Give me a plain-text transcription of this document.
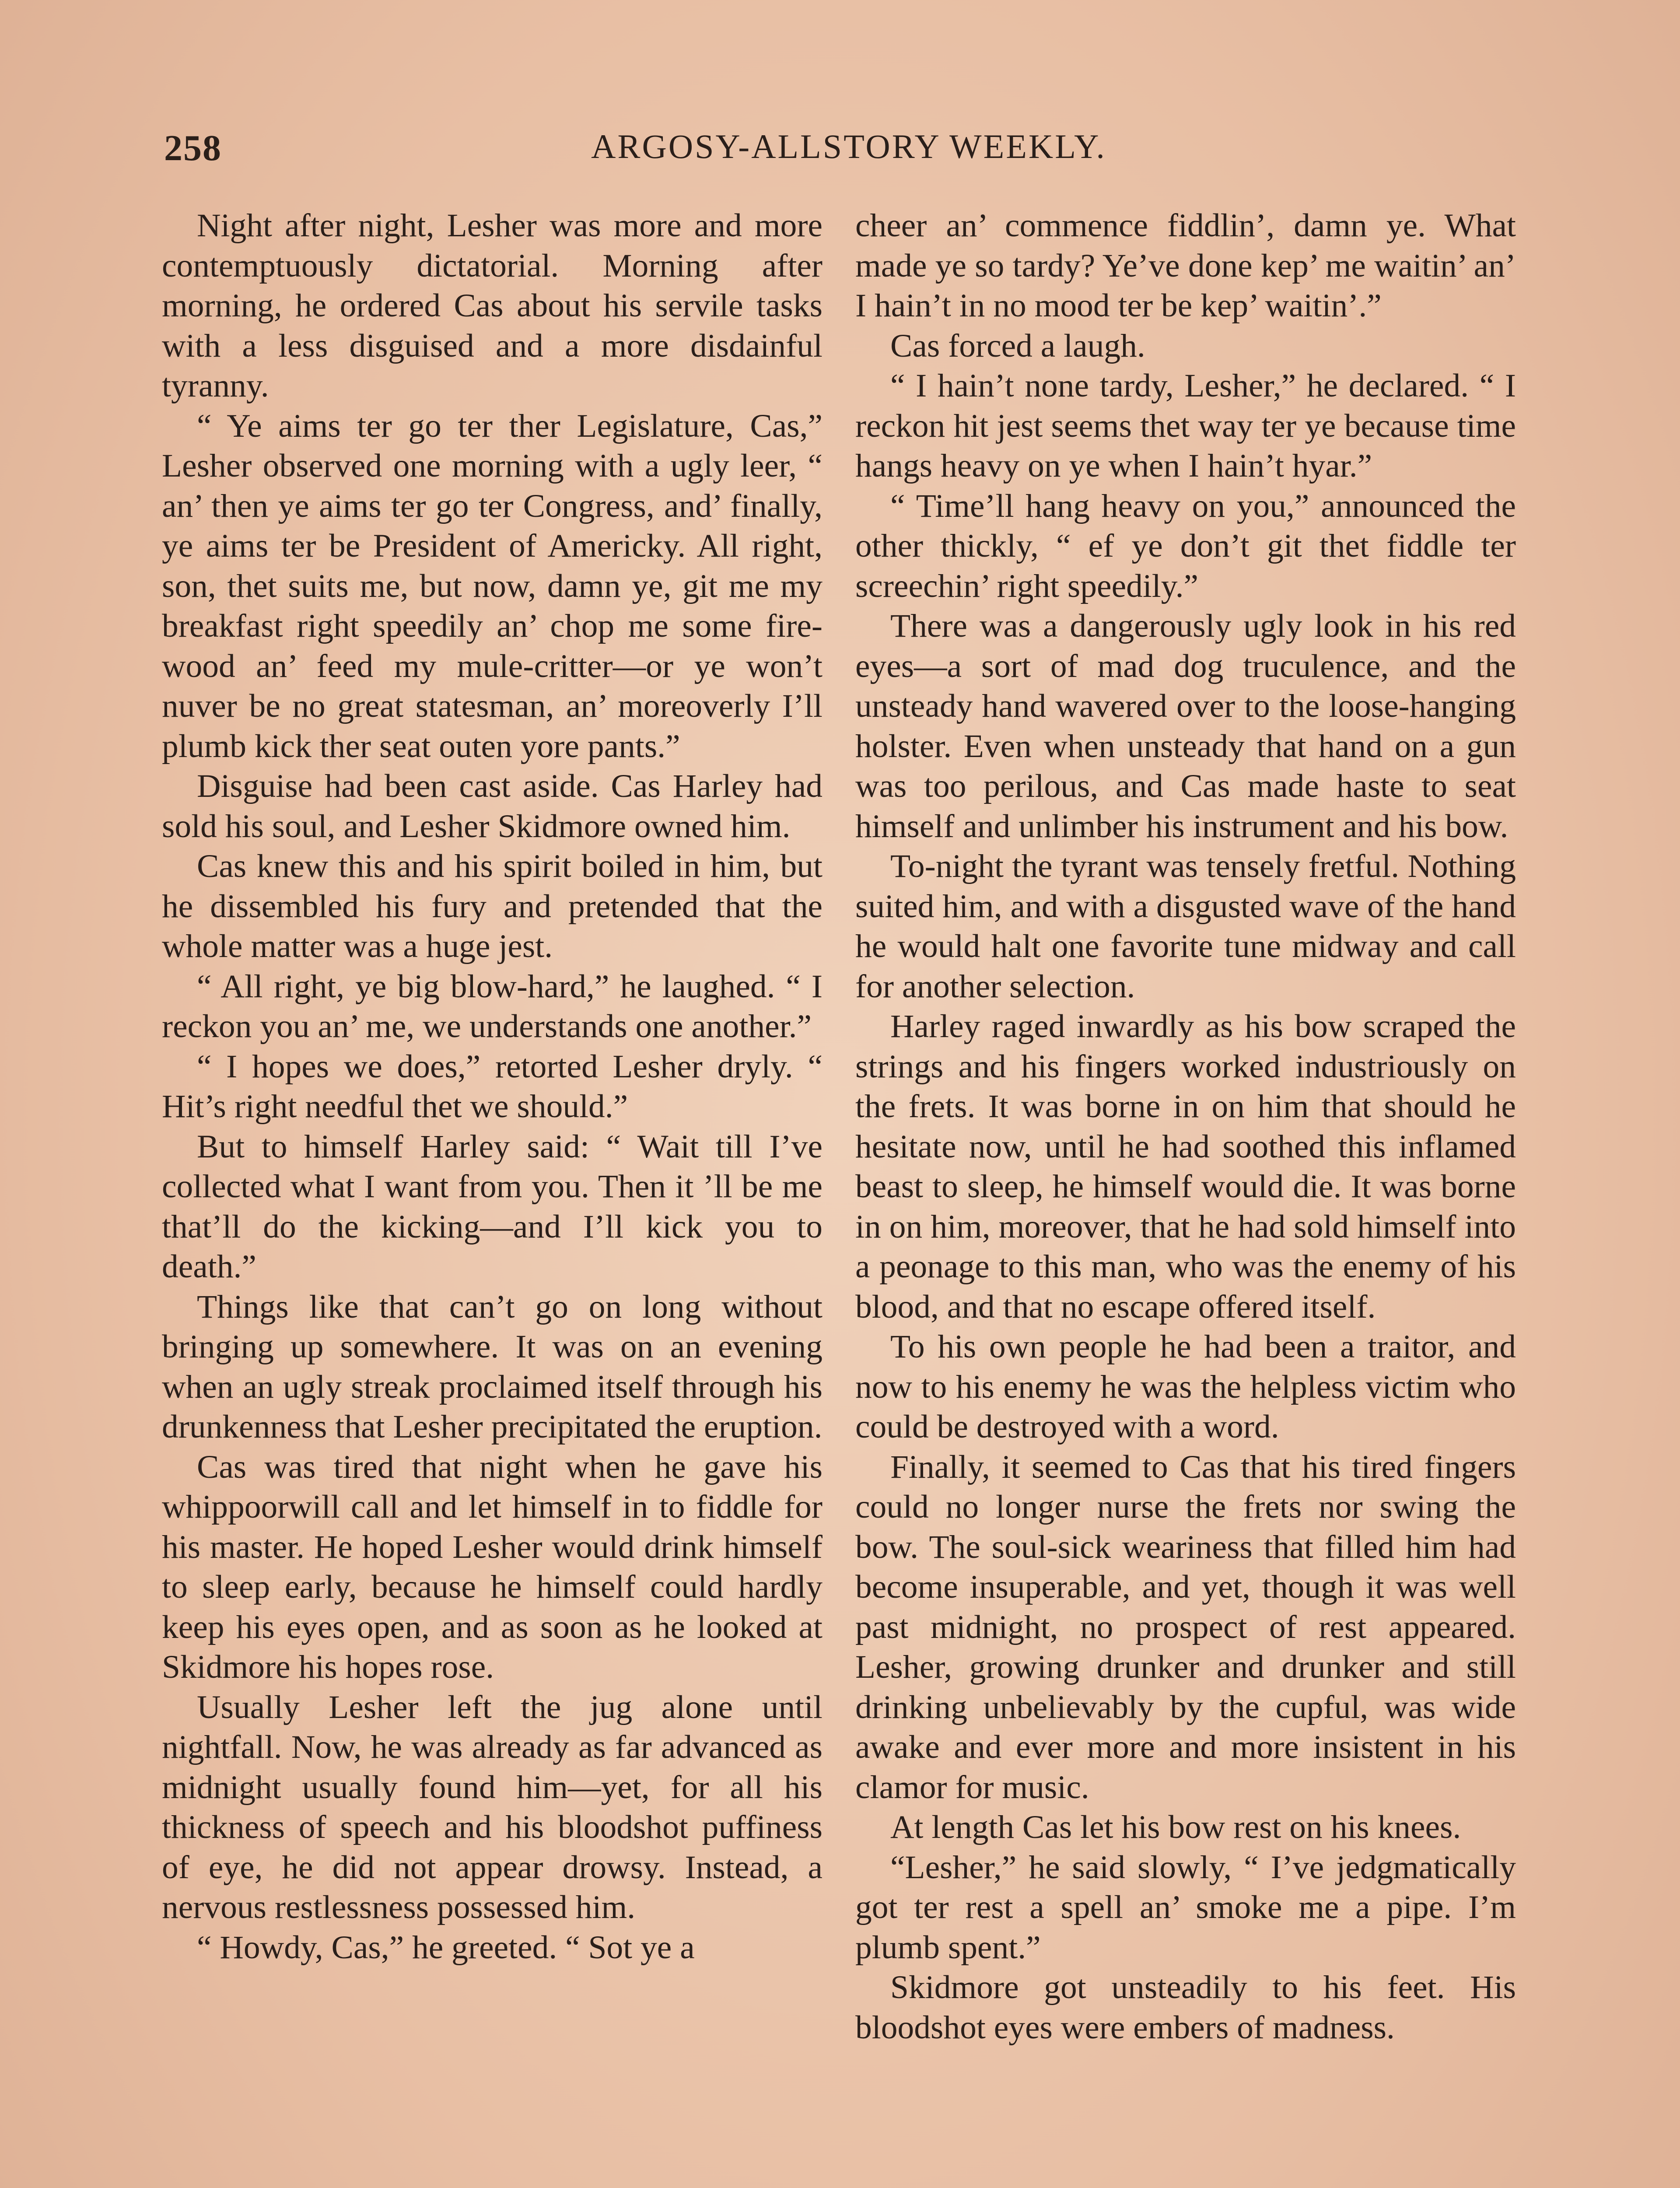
258	ARGOSY-ALLSTORY WEEKLY.

Night after night, Lesher was more and more contemptuously dictatorial. Morning after morning, he ordered Cas about his servile tasks with a less disguised and a more disdainful tyranny.

“ Ye aims ter go ter ther Legislature, Cas,” Lesher observed one morning with a ugly leer, “ an’ then ye aims ter go ter Congress, and’ finally, ye aims ter be President of Americky. All right, son, thet suits me, but now, damn ye, git me my breakfast right speedily an’ chop me some firewood an’ feed my mule-critter—or ye won’t nuver be no great statesman, an’ moreoverly I’ll plumb kick ther seat outen yore pants.”

Disguise had been cast aside. Cas Harley had sold his soul, and Lesher Skidmore owned him.

Cas knew this and his spirit boiled in him, but he dissembled his fury and pretended that the whole matter was a huge jest.

“ All right, ye big blow-hard,” he laughed. “ I reckon you an’ me, we understands one another.”

“ I hopes we does,” retorted Lesher dryly. “ Hit’s right needful thet we should.”

But to himself Harley said: “ Wait till I’ve collected what I want from you. Then it ’ll be me that’ll do the kicking—and I’ll kick you to death.”

Things like that can’t go on long without bringing up somewhere. It was on an evening when an ugly streak proclaimed itself through his drunkenness that Lesher precipitated the eruption.

Cas was tired that night when he gave his whippoorwill call and let himself in to fiddle for his master. He hoped Lesher would drink himself to sleep early, because he himself could hardly keep his eyes open, and as soon as he looked at Skidmore his hopes rose.

Usually Lesher left the jug alone until nightfall. Now, he was already as far advanced as midnight usually found him—yet, for all his thickness of speech and his bloodshot puffiness of eye, he did not appear drowsy. Instead, a nervous restlessness possessed him.

“ Howdy, Cas,” he greeted. “ Sot ye a

cheer an’ commence fiddlin’, damn ye. What made ye so tardy? Ye’ve done kep’ me waitin’ an’ I hain’t in no mood ter be kep’ waitin’.”

Cas forced a laugh.

“ I hain’t none tardy, Lesher,” he declared. “ I reckon hit jest seems thet way ter ye because time hangs heavy on ye when I hain’t hyar.”

“ Time’ll hang heavy on you,” announced the other thickly, “ ef ye don’t git thet fiddle ter screechin’ right speedily.”

There was a dangerously ugly look in his red eyes—a sort of mad dog truculence, and the unsteady hand wavered over to the loose-hanging holster. Even when unsteady that hand on a gun was too perilous, and Cas made haste to seat himself and unlimber his instrument and his bow.

To-night the tyrant was tensely fretful. Nothing suited him, and with a disgusted wave of the hand he would halt one favorite tune midway and call for another selection.

Harley raged inwardly as his bow scraped the strings and his fingers worked industriously on the frets. It was borne in on him that should he hesitate now, until he had soothed this inflamed beast to sleep, he himself would die. It was borne in on him, moreover, that he had sold himself into a peonage to this man, who was the enemy of his blood, and that no escape offered itself.

To his own people he had been a traitor, and now to his enemy he was the helpless victim who could be destroyed with a word.

Finally, it seemed to Cas that his tired fingers could no longer nurse the frets nor swing the bow. The soul-sick weariness that filled him had become insuperable, and yet, though it was well past midnight, no prospect of rest appeared. Lesher, growing drunker and drunker and still drinking unbelievably by the cupful, was wide awake and ever more and more insistent in his clamor for music.

At length Cas let his bow rest on his knees.

“Lesher,” he said slowly, “ I’ve jedgmatically got ter rest a spell an’ smoke me a pipe. I’m plumb spent.”

Skidmore got unsteadily to his feet. His bloodshot eyes were embers of madness.
